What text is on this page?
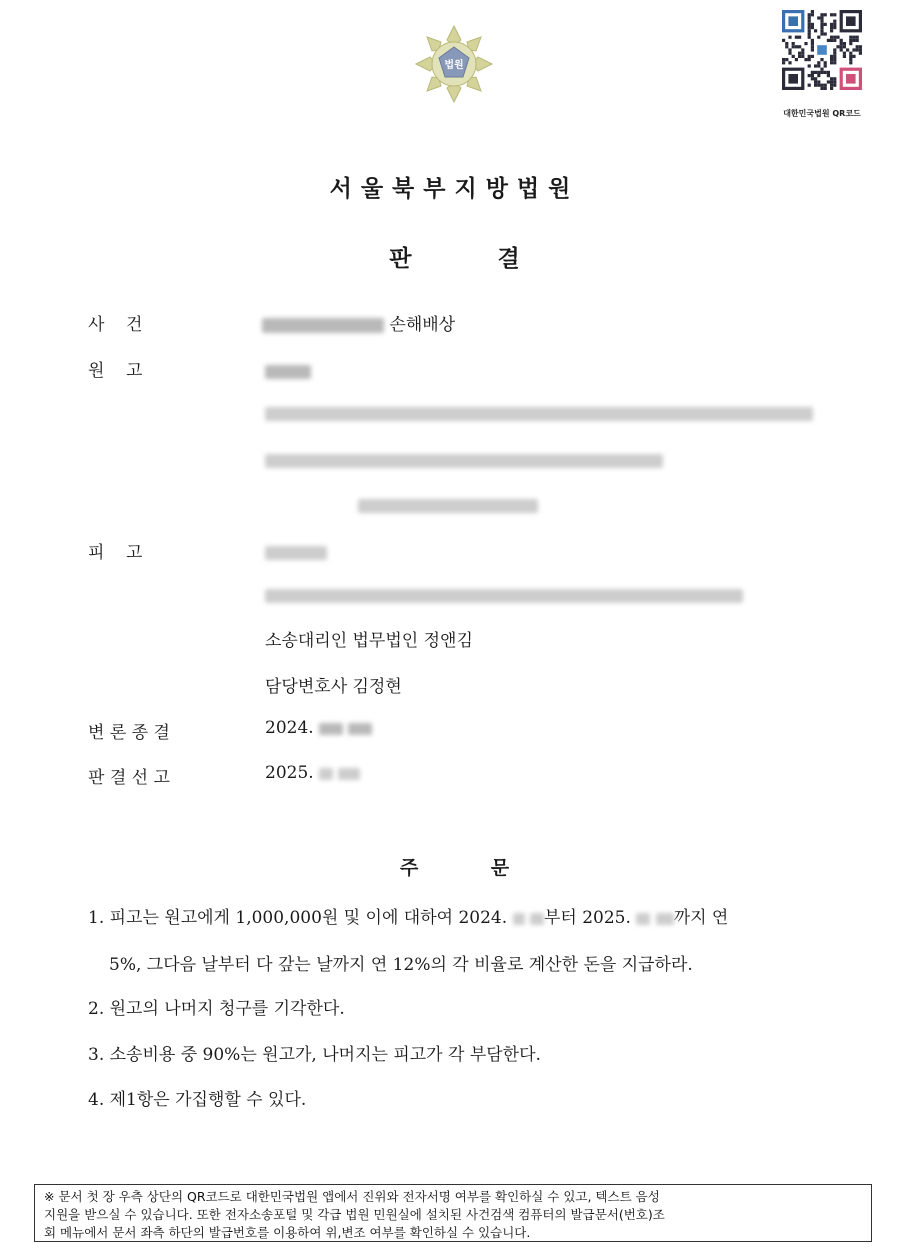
법원
대한민국법원 QR코드
서울북부지방법원
판 결
사    건	손해배상
원    고
피    고
소송대리인 법무법인 정앤김
담당변호사 김정현
변 론 종 결	2024.
판 결 선 고	2025.
주 문
1. 피고는 원고에게 1,000,000원 및 이에 대하여 2024. 부터 2025.	까지 연
5%, 그다음 날부터 다 갚는 날까지 연 12%의 각 비율로 계산한 돈을 지급하라.
2. 원고의 나머지 청구를 기각한다.
3. 소송비용 중 90%는 원고가, 나머지는 피고가 각 부담한다.
4. 제1항은 가집행할 수 있다.
※ 문서 첫 장 우측 상단의 QR코드로 대한민국법원 앱에서 진위와 전자서명 여부를 확인하실 수 있고, 텍스트 음성
지원을 받으실 수 있습니다. 또한 전자소송포털 및 각급 법원 민원실에 설치된 사건검색 컴퓨터의 발급문서(번호)조
회 메뉴에서 문서 좌측 하단의 발급번호를 이용하여 위,변조 여부를 확인하실 수 있습니다.
